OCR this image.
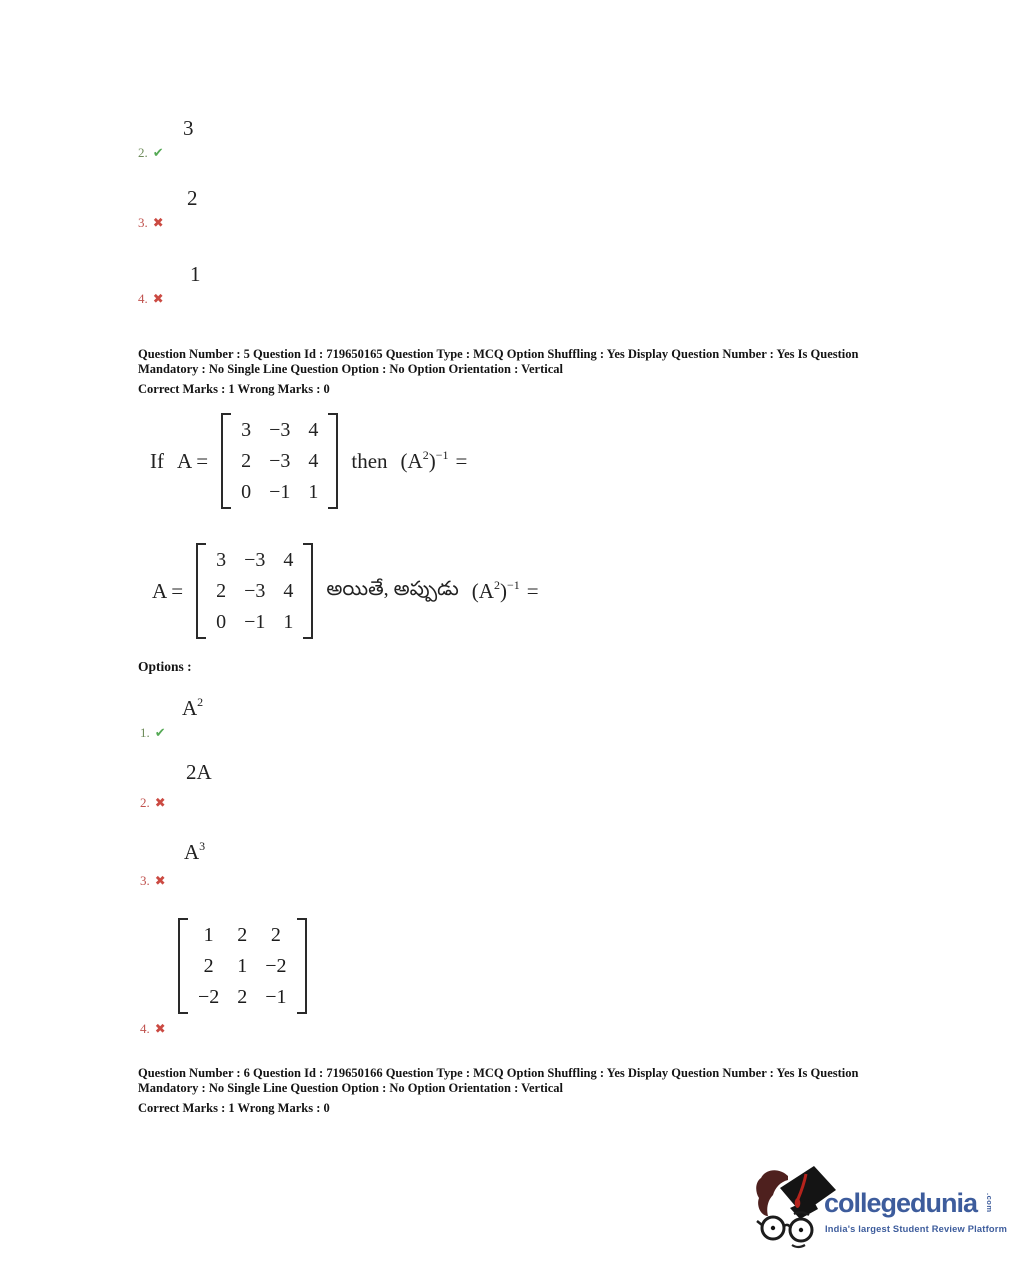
3
2. ✔
2
3. ✖
1
4. ✖

Question Number : 5 Question Id : 719650165 Question Type : MCQ Option Shuffling : Yes Display Question Number : Yes Is Question

Mandatory : No Single Line Question Option : No Option Orientation : Vertical

Correct Marks : 1 Wrong Marks : 0

If A =
3 −3 4
2 −3 4
0 −1 1
then $(A^2)^{-1}$ =
A =
3 −3 4
2 −3 4
0 −1 1
అయితే, అప్పుడు $(A^2)^{-1}$ =
Options :
$A^2$
1. ✔
2A
2. ✖
$A^3$
3. ✖
1 2 2
2 1 −2
−2 2 −1
4. ✖

Question Number : 6 Question Id : 719650166 Question Type : MCQ Option Shuffling : Yes Display Question Number : Yes Is Question

Mandatory : No Single Line Question Option : No Option Orientation : Vertical

Correct Marks : 1 Wrong Marks : 0

collegedunia .com
India's largest Student Review Platform
